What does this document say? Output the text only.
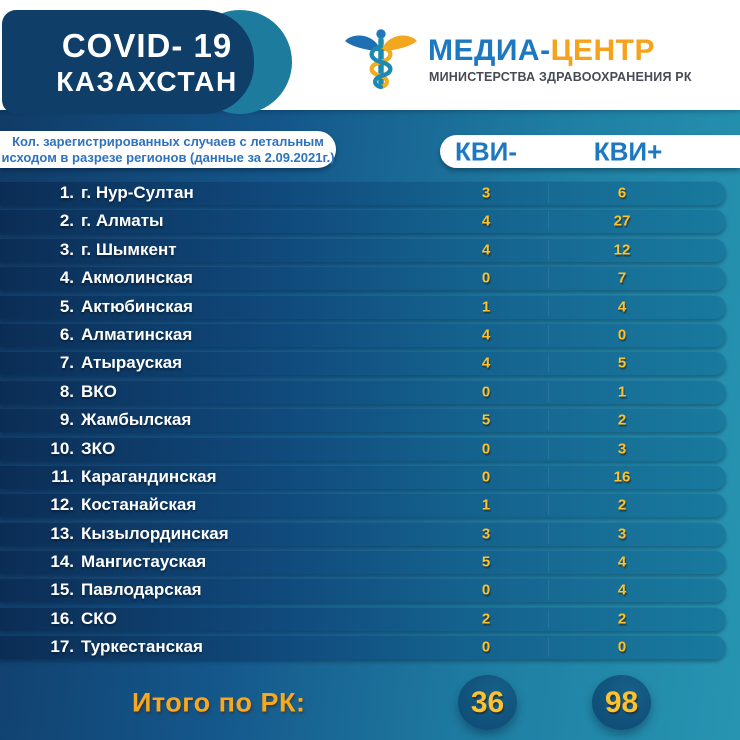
COVID- 19
КАЗАХСТАН
МЕДИА-ЦЕНТР
МИНИСТЕРСТВА ЗДРАВООХРАНЕНИЯ РК
Кол. зарегистрированных случаев с летальным
исходом в разрезе регионов (данные за 2.09.2021г.)	КВИ-	КВИ+
1. г. Нур-Султан	3	6
2. г. Алматы	4	27
3. г. Шымкент	4	12
4. Акмолинская	0	7
5. Актюбинская	1	4
6. Алматинская	4	0
7. Атырауская	4	5
8. ВКО	0	1
9. Жамбылская	5	2
10. ЗКО	0	3
11. Карагандинская	0	16
12. Костанайская	1	2
13. Кызылординская	3	3
14. Мангистауская	5	4
15. Павлодарская	0	4
16. СКО	2	2
17. Туркестанская	0	0
Итого по РК:	36	98
